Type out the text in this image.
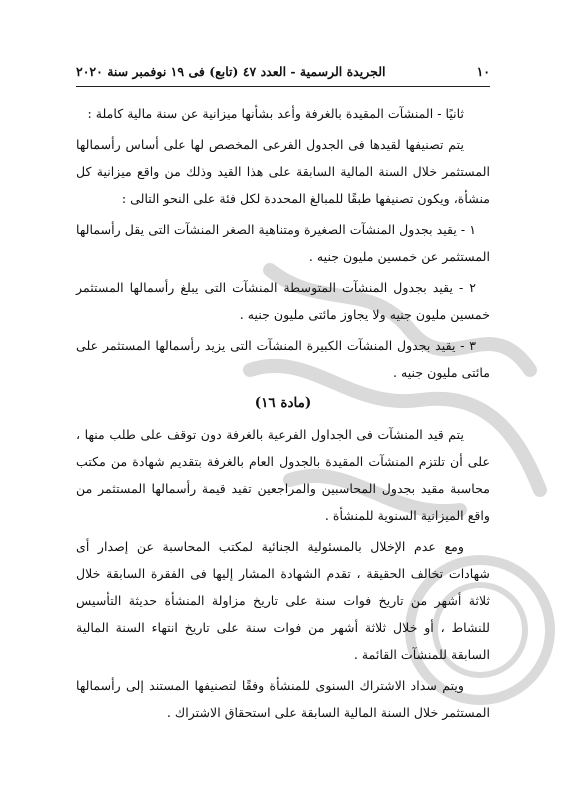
١٠
الجريدة الرسمية - العدد ٤٧ (تابع) فى ١٩ نوفمبر سنة ٢٠٢٠

ثانيًا - المنشآت المقيدة بالغرفة وأعد بشأنها ميزانية عن سنة مالية كاملة :

يتم تصنيفها لقيدها فى الجدول الفرعى المخصص لها على أساس رأسمالها المستثمر خلال السنة المالية السابقة على هذا القيد وذلك من واقع ميزانية كل منشأة، ويكون تصنيفها طبقًا للمبالغ المحددة لكل فئة على النحو التالى :

١ - يقيد بجدول المنشآت الصغيرة ومتناهية الصغر المنشآت التى يقل رأسمالها المستثمر عن خمسين مليون جنيه .

٢ - يقيد بجدول المنشآت المتوسطة المنشآت التى يبلغ رأسمالها المستثمر خمسين مليون جنيه ولا يجاوز مائتى مليون جنيه .

٣ - يقيد بجدول المنشآت الكبيرة المنشآت التى يزيد رأسمالها المستثمر على مائتى مليون جنيه .

(مادة ١٦)

يتم قيد المنشآت فى الجداول الفرعية بالغرفة دون توقف على طلب منها ، على أن تلتزم المنشآت المقيدة بالجدول العام بالغرفة بتقديم شهادة من مكتب محاسبة مقيد بجدول المحاسبين والمراجعين تفيد قيمة رأسمالها المستثمر من واقع الميزانية السنوية للمنشأة .

ومع عدم الإخلال بالمسئولية الجنائية لمكتب المحاسبة عن إصدار أى شهادات تخالف الحقيقة ، تقدم الشهادة المشار إليها فى الفقرة السابقة خلال ثلاثة أشهر من تاريخ فوات سنة على تاريخ مزاولة المنشأة حديثة التأسيس للنشاط ، أو خلال ثلاثة أشهر من فوات سنة على تاريخ انتهاء السنة المالية السابقة للمنشآت القائمة .

ويتم سداد الاشتراك السنوى للمنشأة وفقًا لتصنيفها المستند إلى رأسمالها المستثمر خلال السنة المالية السابقة على استحقاق الاشتراك .
